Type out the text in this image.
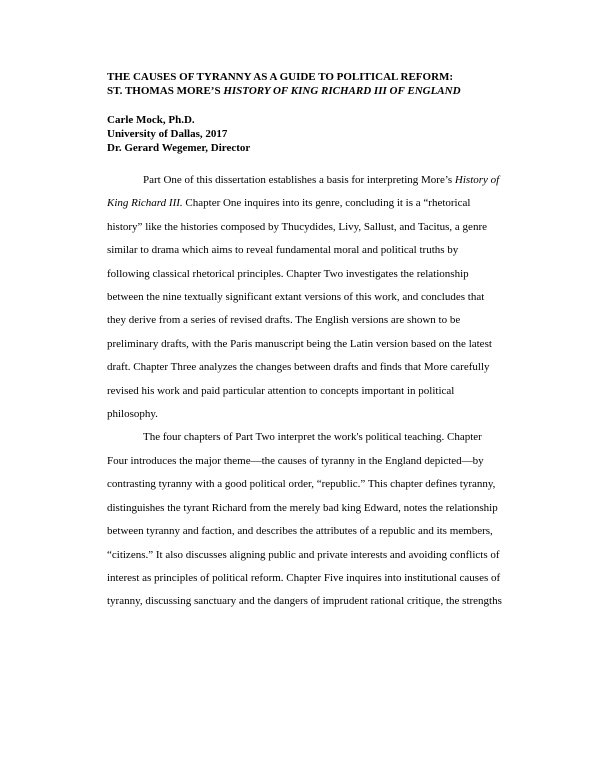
THE CAUSES OF TYRANNY AS A GUIDE TO POLITICAL REFORM:
ST. THOMAS MORE’S HISTORY OF KING RICHARD III OF ENGLAND
Carle Mock, Ph.D.
University of Dallas, 2017
Dr. Gerard Wegemer, Director
Part One of this dissertation establishes a basis for interpreting More’s History of
King Richard III. Chapter One inquires into its genre, concluding it is a “rhetorical
history” like the histories composed by Thucydides, Livy, Sallust, and Tacitus, a genre
similar to drama which aims to reveal fundamental moral and political truths by
following classical rhetorical principles. Chapter Two investigates the relationship
between the nine textually significant extant versions of this work, and concludes that
they derive from a series of revised drafts. The English versions are shown to be
preliminary drafts, with the Paris manuscript being the Latin version based on the latest
draft. Chapter Three analyzes the changes between drafts and finds that More carefully
revised his work and paid particular attention to concepts important in political
philosophy.
The four chapters of Part Two interpret the work's political teaching. Chapter
Four introduces the major theme—the causes of tyranny in the England depicted—by
contrasting tyranny with a good political order, “republic.” This chapter defines tyranny,
distinguishes the tyrant Richard from the merely bad king Edward, notes the relationship
between tyranny and faction, and describes the attributes of a republic and its members,
“citizens.” It also discusses aligning public and private interests and avoiding conflicts of
interest as principles of political reform. Chapter Five inquires into institutional causes of
tyranny, discussing sanctuary and the dangers of imprudent rational critique, the strengths
